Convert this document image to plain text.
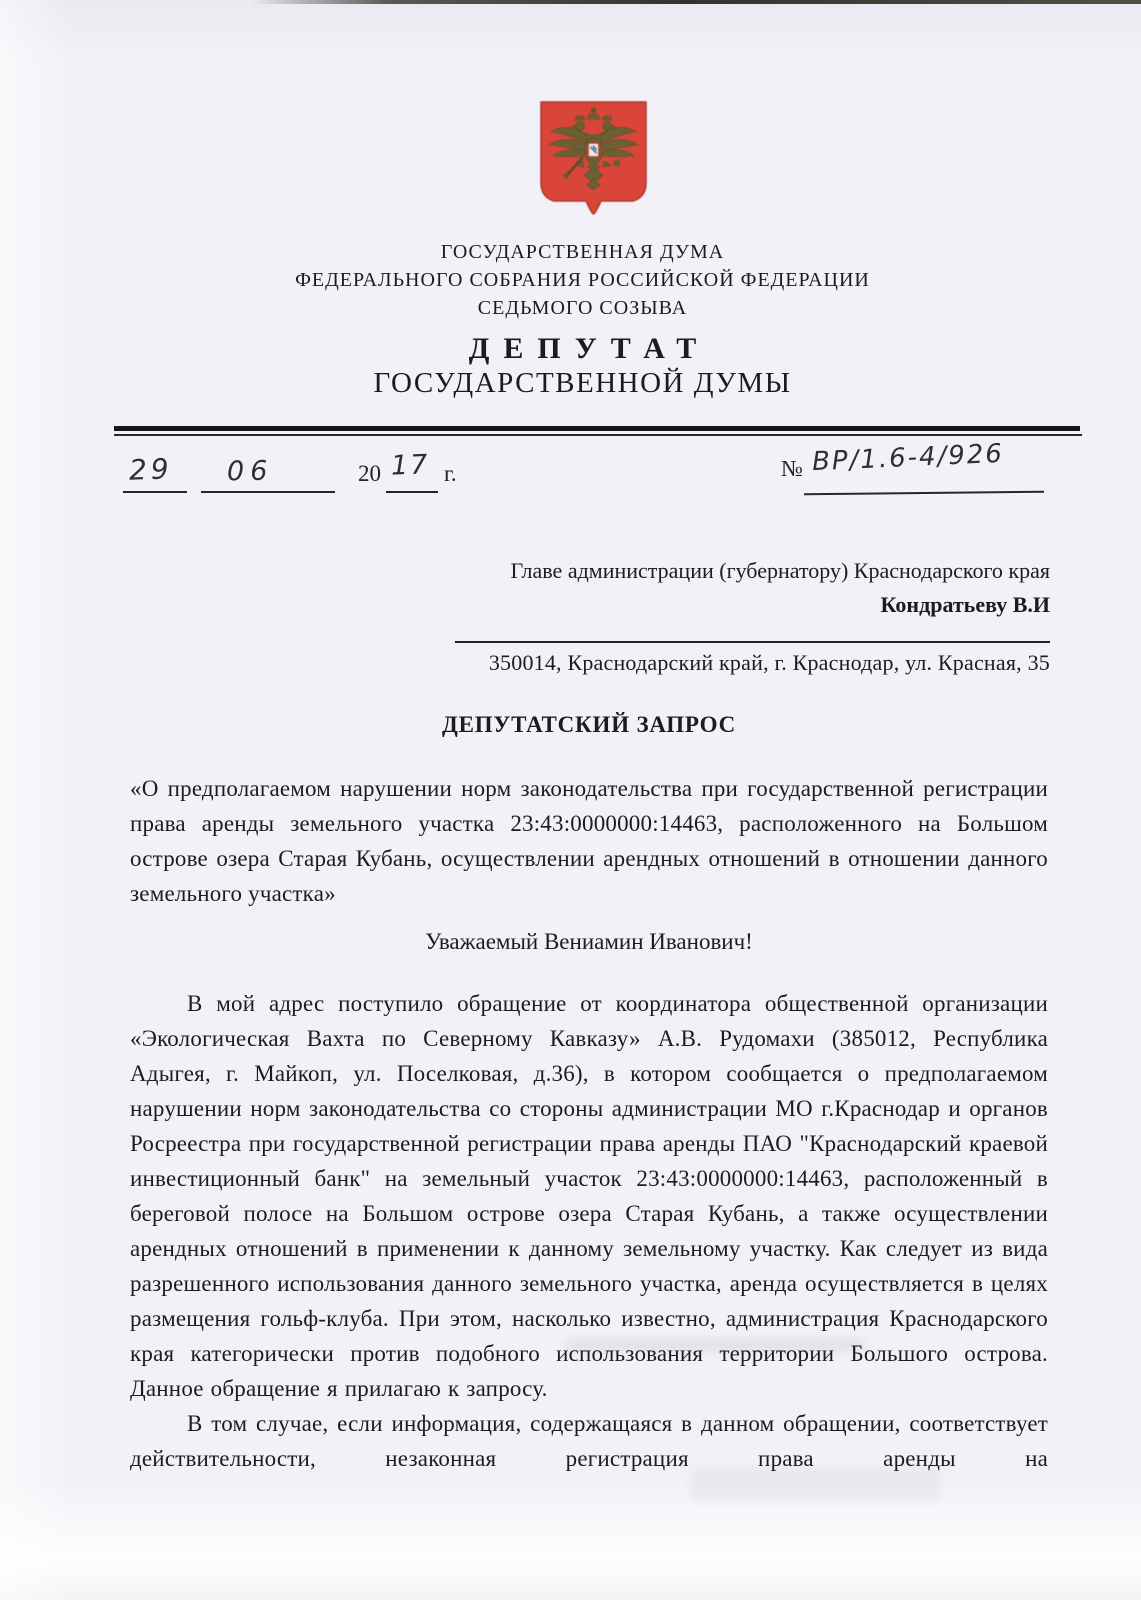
ГОСУДАРСТВЕННАЯ ДУМА
ФЕДЕРАЛЬНОГО СОБРАНИЯ РОССИЙСКОЙ ФЕДЕРАЦИИ
СЕДЬМОГО СОЗЫВА
ДЕПУТАТ
ГОСУДАРСТВЕННОЙ ДУМЫ
29 06	20 17 г.	№ ВР/1.6-4/926
Главе администрации (губернатору) Краснодарского края
Кондратьеву В.И
350014, Краснодарский край, г. Краснодар, ул. Красная, 35
ДЕПУТАТСКИЙ ЗАПРОС

«О предполагаемом нарушении норм законодательства при государственной регистрации права аренды земельного участка 23:43:0000000:14463, расположенного на Большом острове озера Старая Кубань, осуществлении арендных отношений в отношении данного земельного участка»

Уважаемый Вениамин Иванович!

В мой адрес поступило обращение от координатора общественной организации «Экологическая Вахта по Северному Кавказу» А.В. Рудомахи (385012, Республика Адыгея, г. Майкоп, ул. Поселковая, д.36), в котором сообщается о предполагаемом нарушении норм законодательства со стороны администрации МО г.Краснодар и органов Росреестра при государственной регистрации права аренды ПАО "Краснодарский краевой инвестиционный банк" на земельный участок 23:43:0000000:14463, расположенный в береговой полосе на Большом острове озера Старая Кубань, а также осуществлении арендных отношений в применении к данному земельному участку. Как следует из вида разрешенного использования данного земельного участка, аренда осуществляется в целях размещения гольф-клуба. При этом, насколько известно, администрация Краснодарского края категорически против подобного использования территории Большого острова. Данное обращение я прилагаю к запросу.

В том случае, если информация, содержащаяся в данном обращении, соответствует действительности, незаконная регистрация права аренды на
